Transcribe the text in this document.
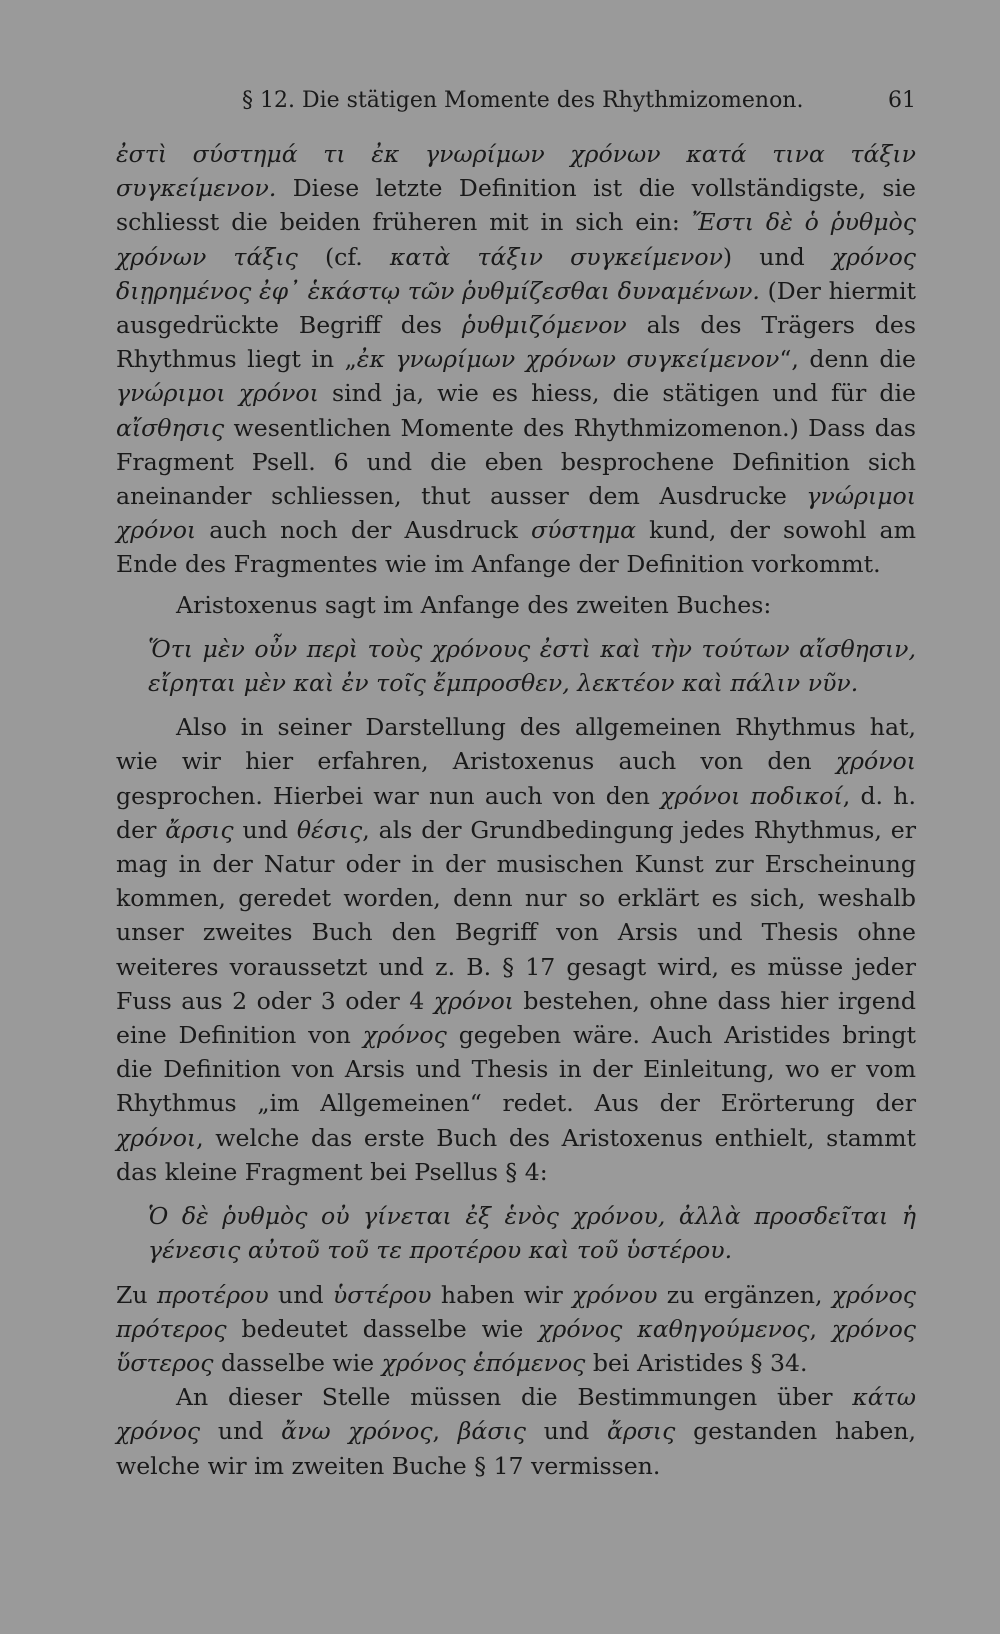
§ 12. Die stätigen Momente des Rhythmizomenon.	61

ἐστὶ σύστημά τι ἐκ γνωρίμων χρόνων κατά τινα τάξιν συγκείμενον. Diese letzte Definition ist die vollständigste, sie schliesst die beiden früheren mit in sich ein: Ἔστι δὲ ὁ ῥυθμὸς χρόνων τάξις (cf. κατὰ τάξιν συγκείμενον) und χρόνος διῃρημένος ἐφ᾽ ἑκάστῳ τῶν ῥυθμίζεσθαι δυναμένων. (Der hiermit ausgedrückte Begriff des ῥυθμιζόμενον als des Trägers des Rhythmus liegt in „ἐκ γνωρίμων χρόνων συγκείμενον“, denn die γνώριμοι χρόνοι sind ja, wie es hiess, die stätigen und für die αἴσθησις wesentlichen Momente des Rhythmizomenon.) Dass das Fragment Psell. 6 und die eben besprochene Definition sich aneinander schliessen, thut ausser dem Ausdrucke γνώριμοι χρόνοι auch noch der Ausdruck σύστημα kund, der sowohl am Ende des Fragmentes wie im Anfange der Definition vorkommt.

Aristoxenus sagt im Anfange des zweiten Buches:

Ὅτι μὲν οὖν περὶ τοὺς χρόνους ἐστὶ καὶ τὴν τούτων αἴσθησιν, εἴρηται μὲν καὶ ἐν τοῖς ἔμπροσθεν, λεκτέον καὶ πάλιν νῦν.

Also in seiner Darstellung des allgemeinen Rhythmus hat, wie wir hier erfahren, Aristoxenus auch von den χρόνοι gesprochen. Hierbei war nun auch von den χρόνοι ποδικοί, d. h. der ἄρσις und θέσις, als der Grundbedingung jedes Rhythmus, er mag in der Natur oder in der musischen Kunst zur Erscheinung kommen, geredet worden, denn nur so erklärt es sich, weshalb unser zweites Buch den Begriff von Arsis und Thesis ohne weiteres voraussetzt und z. B. § 17 gesagt wird, es müsse jeder Fuss aus 2 oder 3 oder 4 χρόνοι bestehen, ohne dass hier irgend eine Definition von χρόνος gegeben wäre. Auch Aristides bringt die Definition von Arsis und Thesis in der Einleitung, wo er vom Rhythmus „im Allgemeinen“ redet. Aus der Erörterung der χρόνοι, welche das erste Buch des Aristoxenus enthielt, stammt das kleine Fragment bei Psellus § 4:

Ὁ δὲ ῥυθμὸς οὐ γίνεται ἐξ ἑνὸς χρόνου, ἀλλὰ προσδεῖται ἡ γένεσις αὐτοῦ τοῦ τε προτέρου καὶ τοῦ ὑστέρου.

Zu προτέρου und ὑστέρου haben wir χρόνου zu ergänzen, χρόνος πρότερος bedeutet dasselbe wie χρόνος καθηγούμενος, χρόνος ὕστερος dasselbe wie χρόνος ἑπόμενος bei Aristides § 34.

An dieser Stelle müssen die Bestimmungen über κάτω χρόνος und ἄνω χρόνος, βάσις und ἄρσις gestanden haben, welche wir im zweiten Buche § 17 vermissen.
